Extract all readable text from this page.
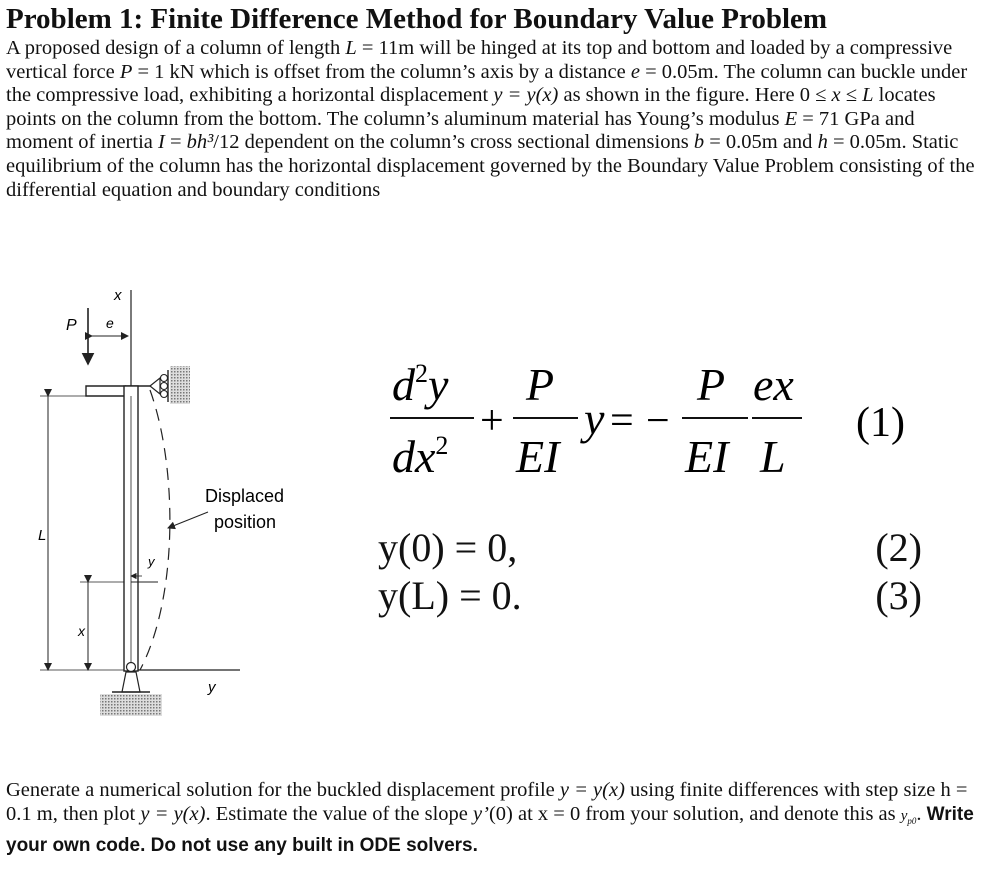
Problem 1: Finite Difference Method for Boundary Value Problem
A proposed design of a column of length L = 11m will be hinged at its top and bottom and loaded by a compressive vertical force P = 1 kN which is offset from the column’s axis by a distance e = 0.05m. The column can buckle under the compressive load, exhibiting a horizontal displacement y = y(x) as shown in the figure. Here 0 ≤ x ≤ L locates points on the column from the bottom. The column’s aluminum material has Young’s modulus E = 71 GPa and moment of inertia I = bh³/12 dependent on the column’s cross sectional dimensions b = 0.05m and h = 0.05m. Static equilibrium of the column has the horizontal displacement governed by the Boundary Value Problem consisting of the differential equation and boundary conditions
x
y
P e
Displaced
position
y
L
x
$d^2y$
$dx^2$
+
P
EI
y = −
P
EI
ex
L
(1)
y(0) = 0,	(2)
y(L) = 0.	(3)
Generate a numerical solution for the buckled displacement profile y = y(x) using finite differences with step size h = 0.1 m, then plot y = y(x). Estimate the value of the slope y’(0) at x = 0 from your solution, and denote this as $y_{p0}$. Write your own code. Do not use any built in ODE solvers.
